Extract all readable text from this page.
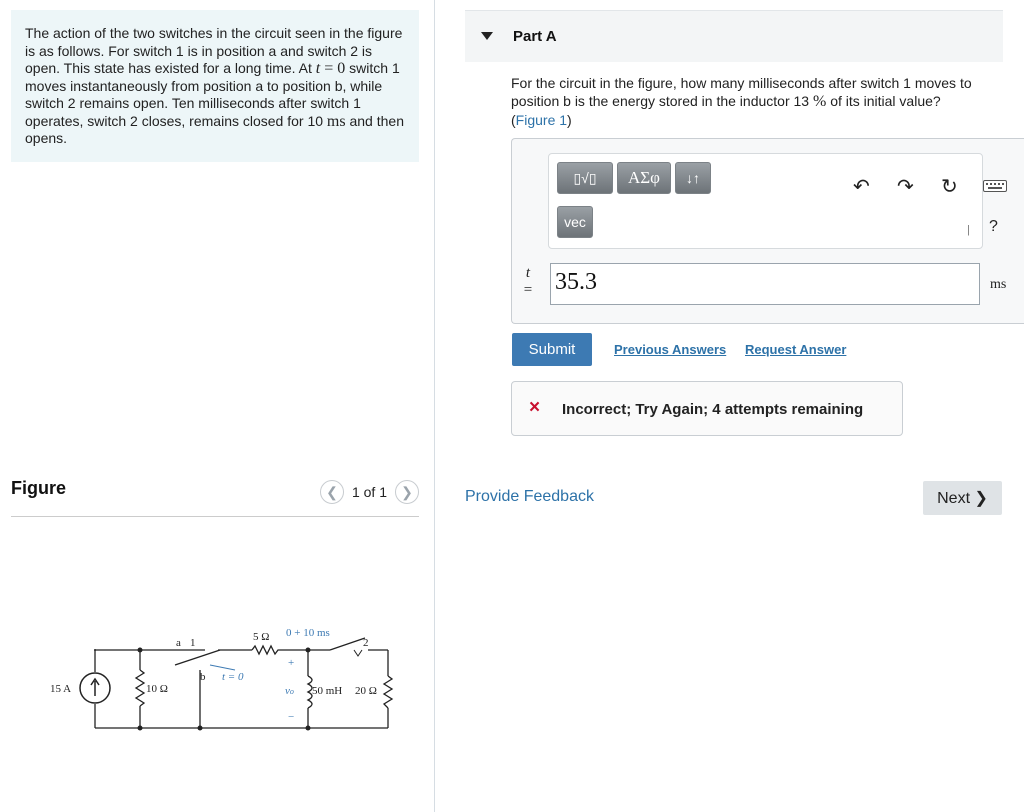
The action of the two switches in the circuit seen in the figure is as follows. For switch 1 is in position a and switch 2 is open. This state has existed for a long time. At t = 0 switch 1 moves instantaneously from position a to position b, while switch 2 remains open. Ten milliseconds after switch 1 operates, switch 2 closes, remains closed for 10 ms and then opens.
Figure	❮	1 of 1	❯
15 A	10 Ω
5 Ω
a 1
b t = 0
0 + 10 ms
2
+
vo
−
50 mH 20 Ω
Part A
For the circuit in the figure, how many milliseconds after switch 1 moves to position b is the energy stored in the inductor 13 % of its initial value?
(Figure 1)
▯√▯	ΑΣφ	↓↑
vec
↶ ↷ ↻
| ?
t
= 35.3	ms
Submit	Previous Answers Request Answer
× Incorrect; Try Again; 4 attempts remaining
Provide Feedback	Next ❯
